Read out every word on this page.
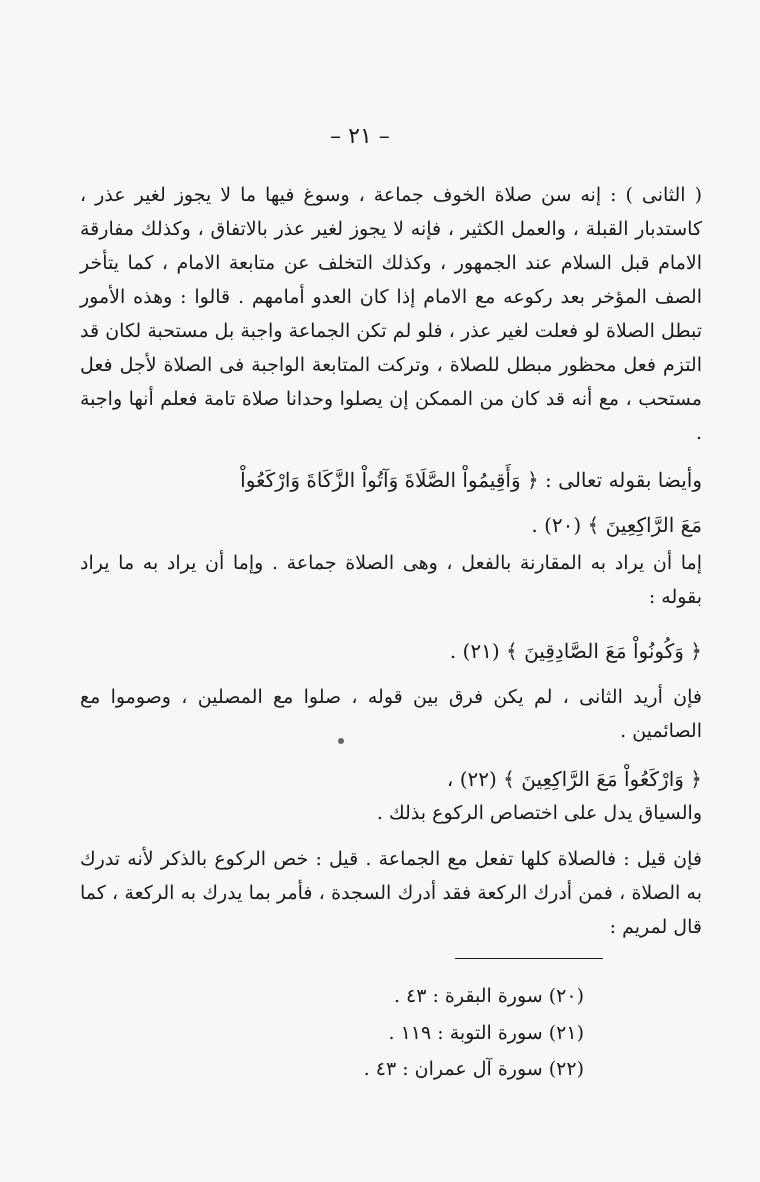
– ٢١ –

( الثانى ) : إنه سن صلاة الخوف جماعة ، وسوغ فيها ما لا يجوز لغير عذر ، كاستدبار القبلة ، والعمل الكثير ، فإنه لا يجوز لغير عذر بالاتفاق ، وكذلك مفارقة الامام قبل السلام عند الجمهور ، وكذلك التخلف عن متابعة الامام ، كما يتأخر الصف المؤخر بعد ركوعه مع الامام إذا كان العدو أمامهم . قالوا : وهذه الأمور تبطل الصلاة لو فعلت لغير عذر ، فلو لم تكن الجماعة واجبة بل مستحبة لكان قد التزم فعل محظور مبطل للصلاة ، وتركت المتابعة الواجبة فى الصلاة لأجل فعل مستحب ، مع أنه قد كان من الممكن إن يصلوا وحدانا صلاة تامة فعلم أنها واجبة .

وأيضا بقوله تعالى : ﴿ وَأَقِيمُواْ الصَّلَاةَ وَآتُواْ الزَّكَاةَ وَارْكَعُواْ

مَعَ الرَّاكِعِينَ ﴾ (٢٠) .

إما أن يراد به المقارنة بالفعل ، وهى الصلاة جماعة . وإما أن يراد به ما يراد بقوله :

﴿ وَكُونُواْ مَعَ الصَّادِقِينَ ﴾ (٢١) .

فإن أريد الثانى ، لم يكن فرق بين قوله ، صلوا مع المصلين ، وصوموا مع الصائمين .

﴿ وَارْكَعُواْ مَعَ الرَّاكِعِينَ ﴾ (٢٢) ،

والسياق يدل على اختصاص الركوع بذلك .

فإن قيل : فالصلاة كلها تفعل مع الجماعة . قيل : خص الركوع بالذكر لأنه تدرك به الصلاة ، فمن أدرك الركعة فقد أدرك السجدة ، فأمر بما يدرك به الركعة ، كما قال لمريم :

(٢٠) سورة البقرة : ٤٣ .

(٢١) سورة التوبة : ١١٩ .

(٢٢) سورة آل عمران : ٤٣ .
